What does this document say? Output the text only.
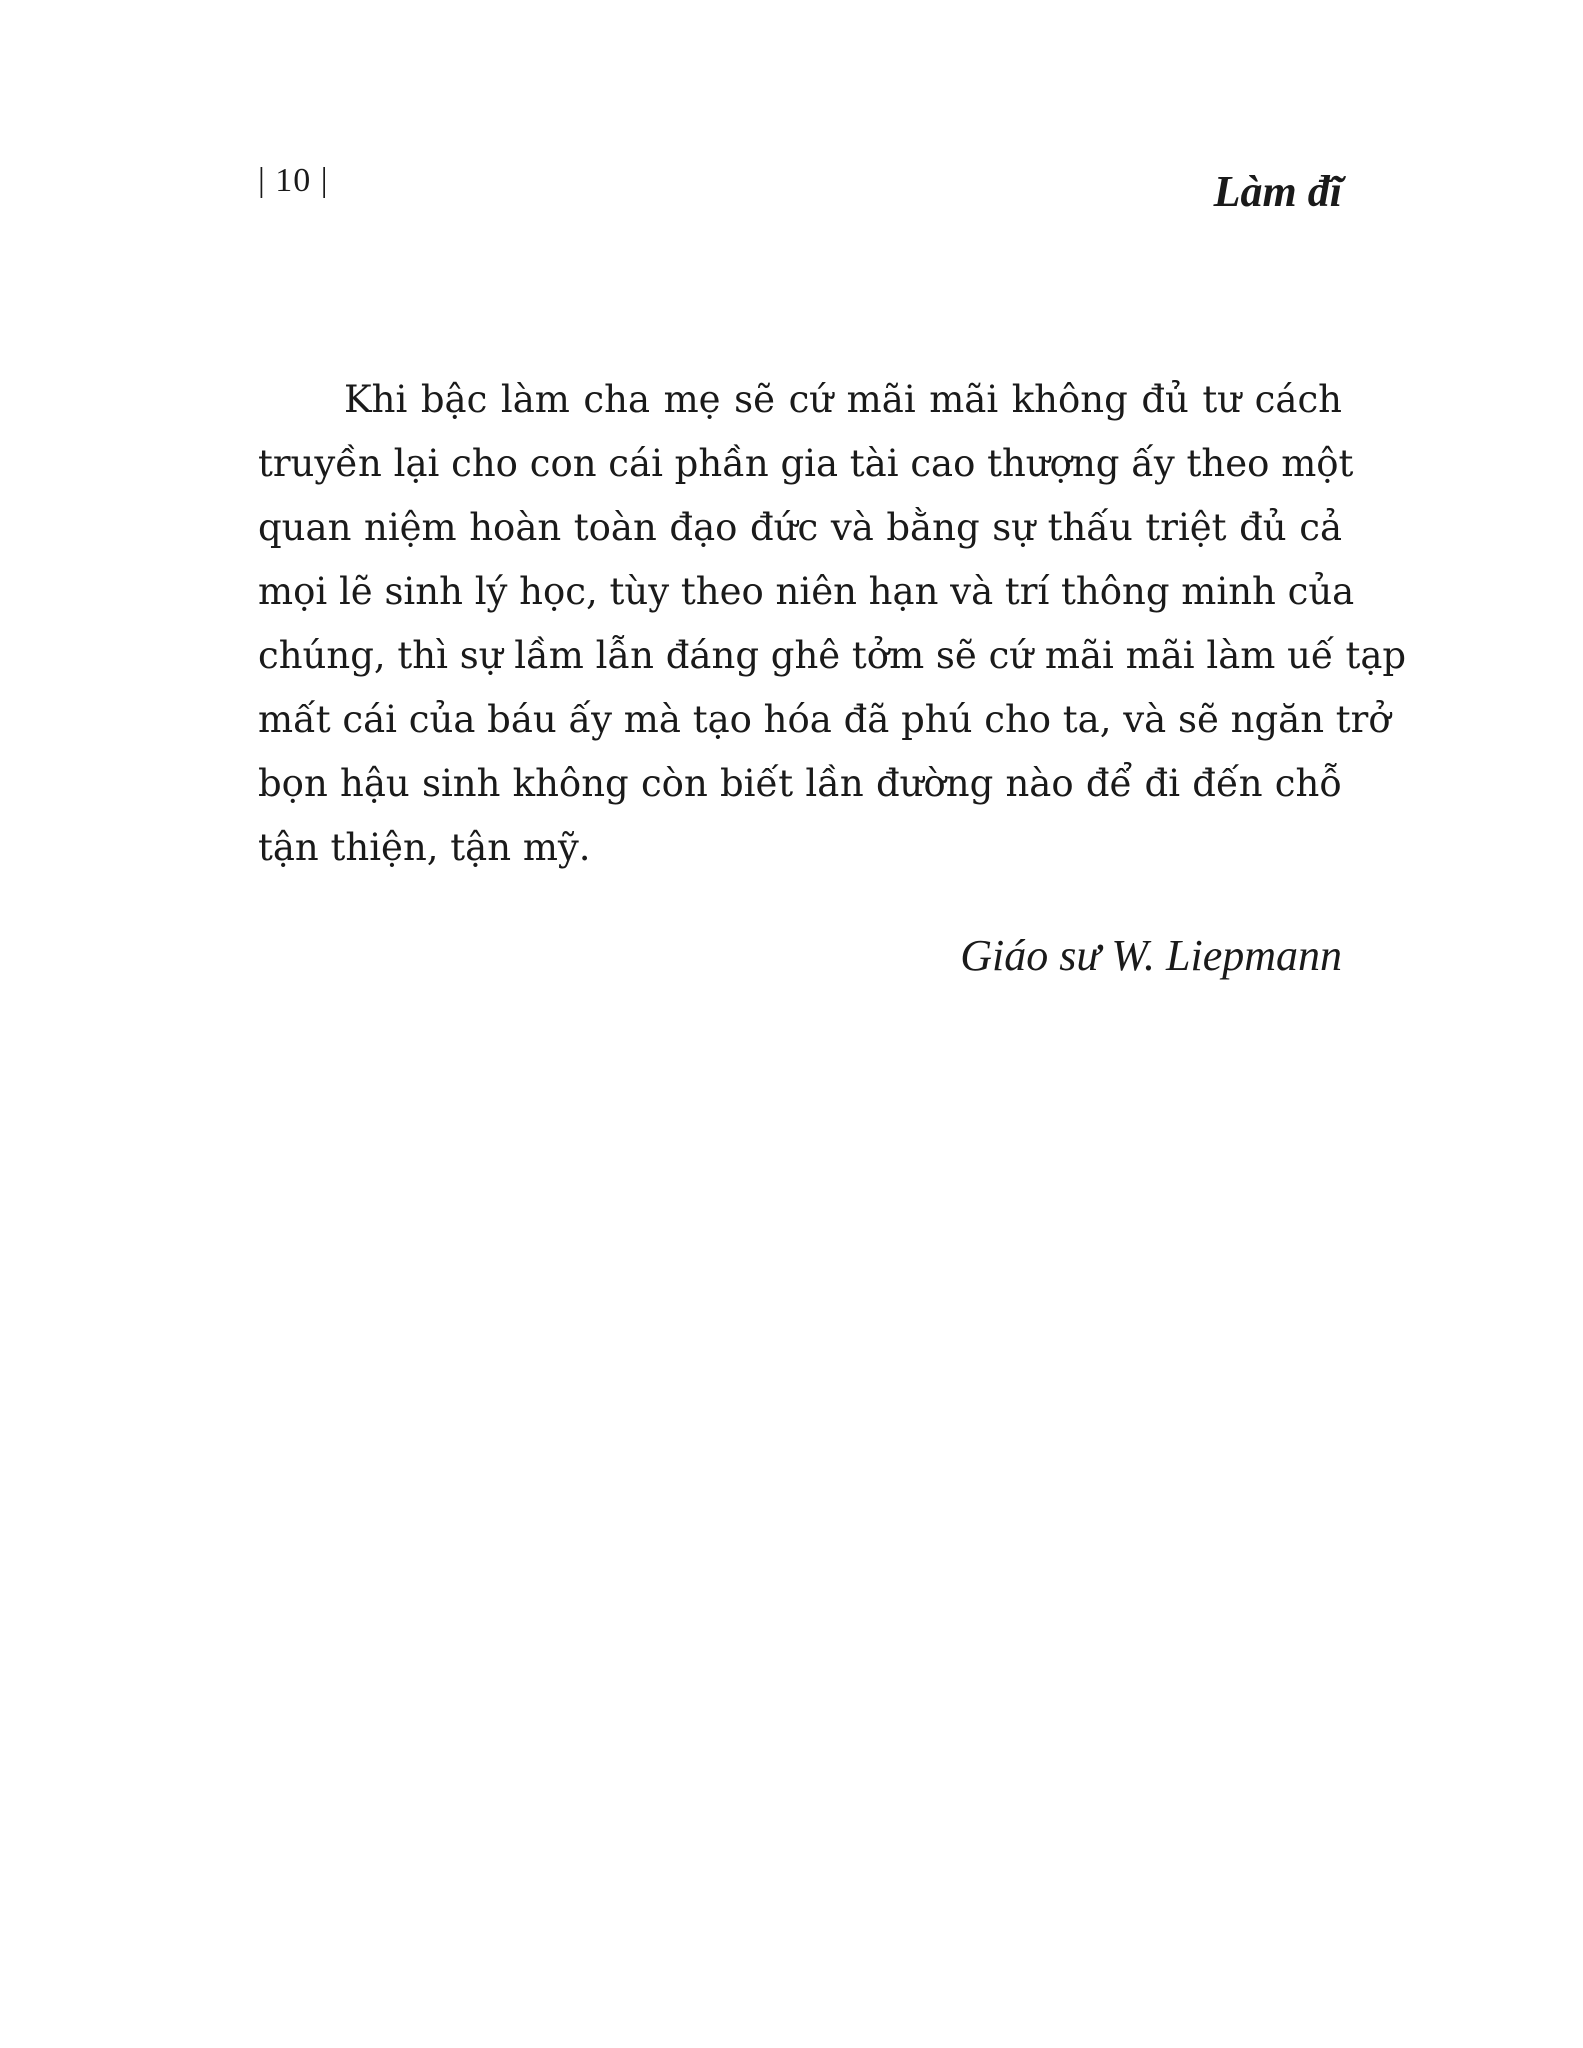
| 10 |	Làm đĩ
Khi bậc làm cha mẹ sẽ cứ mãi mãi không đủ tư cách
truyền lại cho con cái phần gia tài cao thượng ấy theo một
quan niệm hoàn toàn đạo đức và bằng sự thấu triệt đủ cả
mọi lẽ sinh lý học, tùy theo niên hạn và trí thông minh của
chúng, thì sự lầm lẫn đáng ghê tởm sẽ cứ mãi mãi làm uế tạp
mất cái của báu ấy mà tạo hóa đã phú cho ta, và sẽ ngăn trở
bọn hậu sinh không còn biết lần đường nào để đi đến chỗ
tận thiện, tận mỹ.
Giáo sư W. Liepmann
